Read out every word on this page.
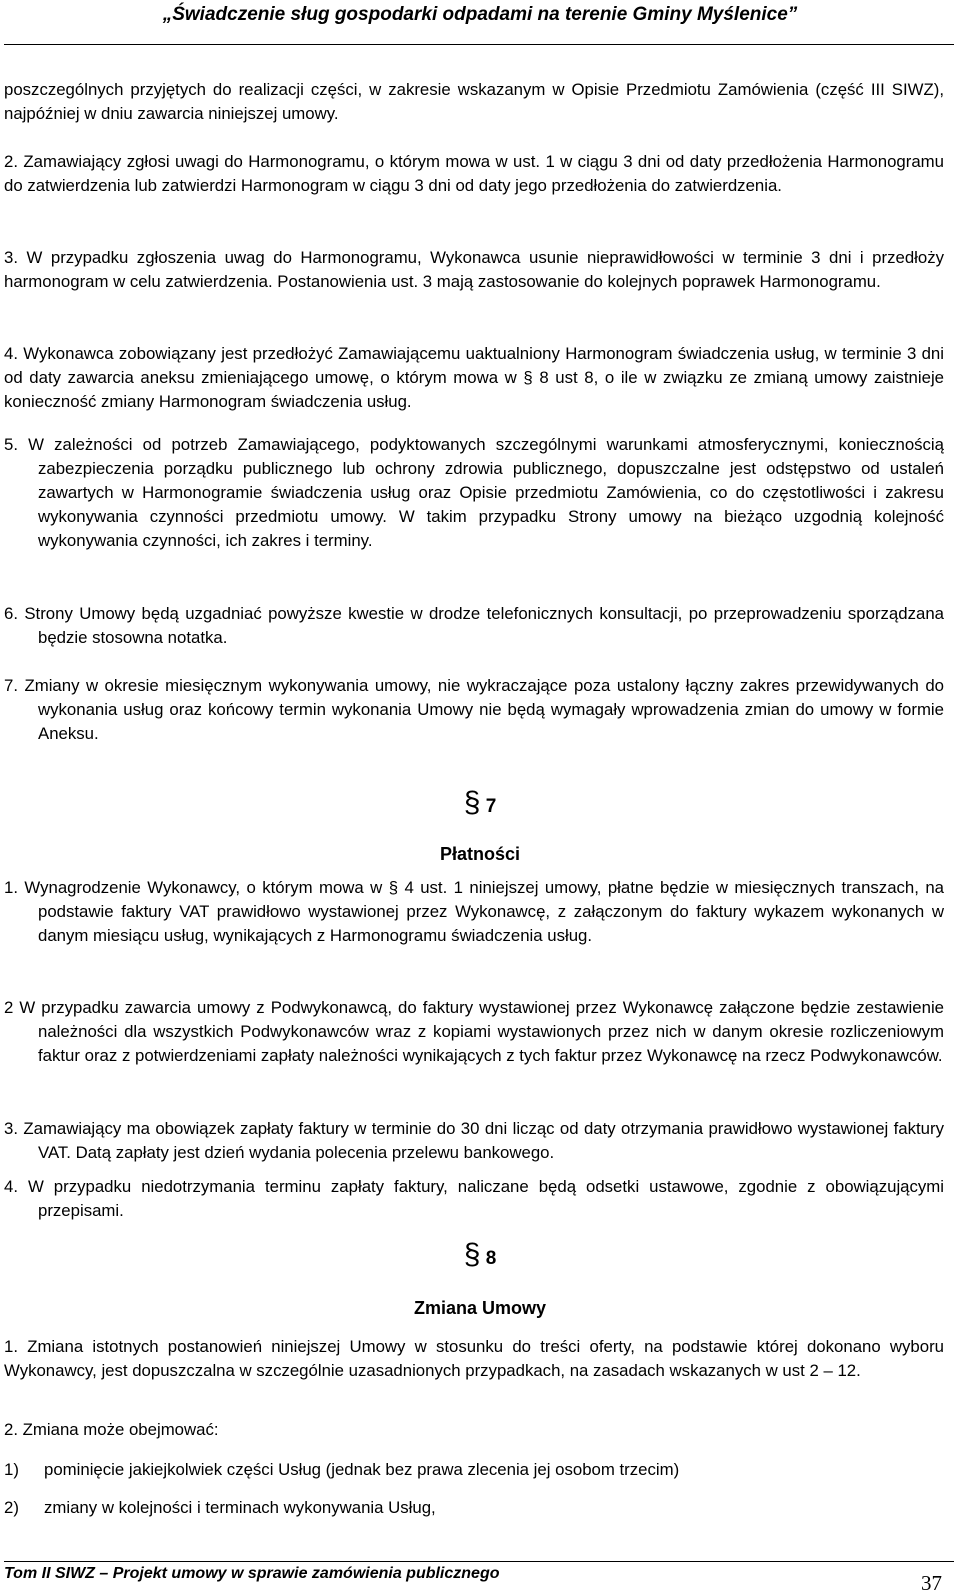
„Świadczenie sług gospodarki odpadami na terenie Gminy Myślenice”
poszczególnych przyjętych do realizacji części, w zakresie wskazanym w Opisie Przedmiotu Zamówienia (część III SIWZ), najpóźniej w dniu zawarcia niniejszej umowy.
2. Zamawiający zgłosi uwagi do Harmonogramu, o którym mowa w ust. 1 w ciągu 3 dni od daty przedłożenia Harmonogramu do zatwierdzenia lub zatwierdzi Harmonogram w ciągu 3 dni od daty jego przedłożenia do zatwierdzenia.
3. W przypadku zgłoszenia uwag do Harmonogramu, Wykonawca usunie nieprawidłowości w terminie 3 dni i przedłoży harmonogram w celu zatwierdzenia. Postanowienia ust. 3 mają zastosowanie do kolejnych poprawek Harmonogramu.
4. Wykonawca zobowiązany jest przedłożyć Zamawiającemu uaktualniony Harmonogram świadczenia usług, w terminie 3 dni od daty zawarcia aneksu zmieniającego umowę, o którym mowa w § 8 ust 8, o ile w związku ze zmianą umowy zaistnieje konieczność zmiany Harmonogram świadczenia usług.
5. W zależności od potrzeb Zamawiającego, podyktowanych szczególnymi warunkami atmosferycznymi, koniecznością zabezpieczenia porządku publicznego lub ochrony zdrowia publicznego, dopuszczalne jest odstępstwo od ustaleń zawartych w Harmonogramie świadczenia usług oraz Opisie przedmiotu Zamówienia, co do częstotliwości i zakresu wykonywania czynności przedmiotu umowy. W takim przypadku Strony umowy na bieżąco uzgodnią kolejność wykonywania czynności, ich zakres i terminy.
6. Strony Umowy będą uzgadniać powyższe kwestie w drodze telefonicznych konsultacji, po przeprowadzeniu sporządzana będzie stosowna notatka.
7. Zmiany w okresie miesięcznym wykonywania umowy, nie wykraczające poza ustalony łączny zakres przewidywanych do wykonania usług oraz końcowy termin wykonania Umowy nie będą wymagały wprowadzenia zmian do umowy w formie Aneksu.
§ 7
Płatności
1. Wynagrodzenie Wykonawcy, o którym mowa w § 4 ust. 1 niniejszej umowy, płatne będzie w miesięcznych transzach, na podstawie faktury VAT prawidłowo wystawionej przez Wykonawcę, z załączonym do faktury wykazem wykonanych w danym miesiącu usług, wynikających z Harmonogramu świadczenia usług.
2 W przypadku zawarcia umowy z Podwykonawcą, do faktury wystawionej przez Wykonawcę załączone będzie zestawienie należności dla wszystkich Podwykonawców wraz z kopiami wystawionych przez nich w danym okresie rozliczeniowym faktur oraz z potwierdzeniami zapłaty należności wynikających z tych faktur przez Wykonawcę na rzecz Podwykonawców.
3. Zamawiający ma obowiązek zapłaty faktury w terminie do 30 dni licząc od daty otrzymania prawidłowo wystawionej faktury VAT. Datą zapłaty jest dzień wydania polecenia przelewu bankowego.
4. W przypadku niedotrzymania terminu zapłaty faktury, naliczane będą odsetki ustawowe, zgodnie z obowiązującymi przepisami.
§ 8
Zmiana Umowy
1. Zmiana istotnych postanowień niniejszej Umowy w stosunku do treści oferty, na podstawie której dokonano wyboru Wykonawcy, jest dopuszczalna w szczególnie uzasadnionych przypadkach, na zasadach wskazanych w ust 2 – 12.
2. Zmiana może obejmować:
1) pominięcie jakiejkolwiek części Usług (jednak bez prawa zlecenia jej osobom trzecim)
2) zmiany w kolejności i terminach wykonywania Usług,
Tom II SIWZ – Projekt umowy w sprawie zamówienia publicznego	37
